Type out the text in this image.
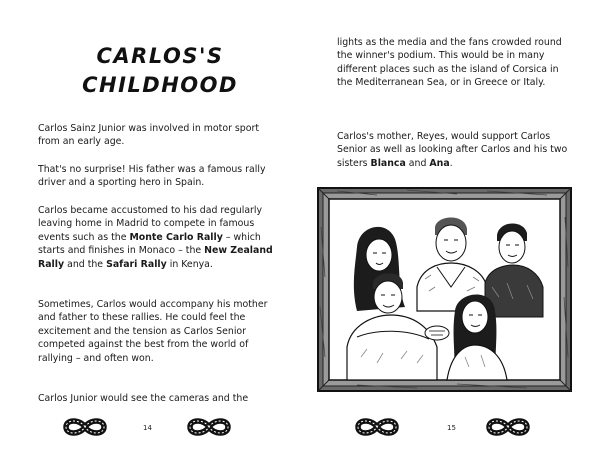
CARLOS'S
CHILDHOOD

Carlos Sainz Junior was involved in motor sport from an early age.

That's no surprise! His father was a famous rally driver and a sporting hero in Spain.

Carlos became accustomed to his dad regularly leaving home in Madrid to compete in famous events such as the Monte Carlo Rally – which starts and finishes in Monaco – the New Zealand Rally and the Safari Rally in Kenya.

Sometimes, Carlos would accompany his mother and father to these rallies. He could feel the excitement and the tension as Carlos Senior competed against the best from the world of rallying – and often won.

Carlos Junior would see the cameras and the

14

lights as the media and the fans crowded round the winner's podium. This would be in many different places such as the island of Corsica in the Mediterranean Sea, or in Greece or Italy.

Carlos's mother, Reyes, would support Carlos Senior as well as looking after Carlos and his two sisters Blanca and Ana.

15
